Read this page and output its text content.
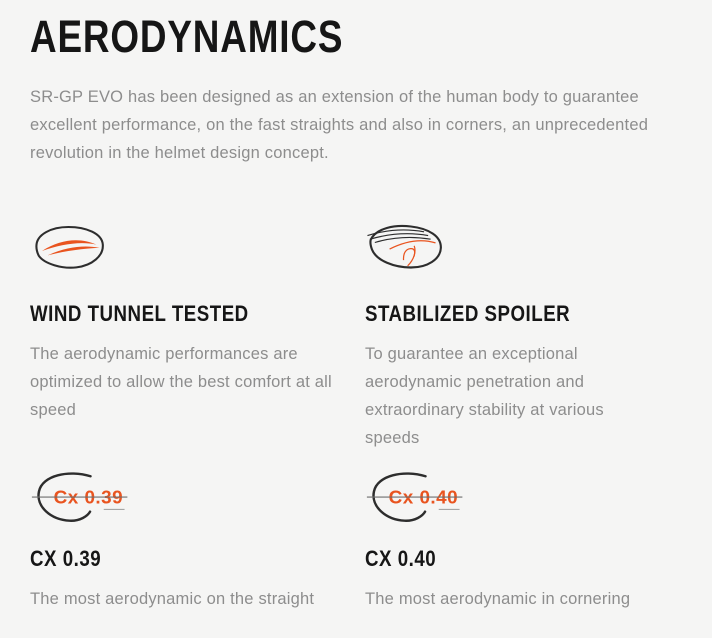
AERODYNAMICS

SR-GP EVO has been designed as an extension of the human body to guarantee excellent performance, on the fast straights and also in corners, an unprecedented revolution in the helmet design concept.

WIND TUNNEL TESTED

The aerodynamic performances are optimized to allow the best comfort at all speed

STABILIZED SPOILER

To guarantee an exceptional aerodynamic penetration and extraordinary stability at various speeds

Cx 0.39
CX 0.39

The most aerodynamic on the straight

Cx 0.40
CX 0.40

The most aerodynamic in cornering
